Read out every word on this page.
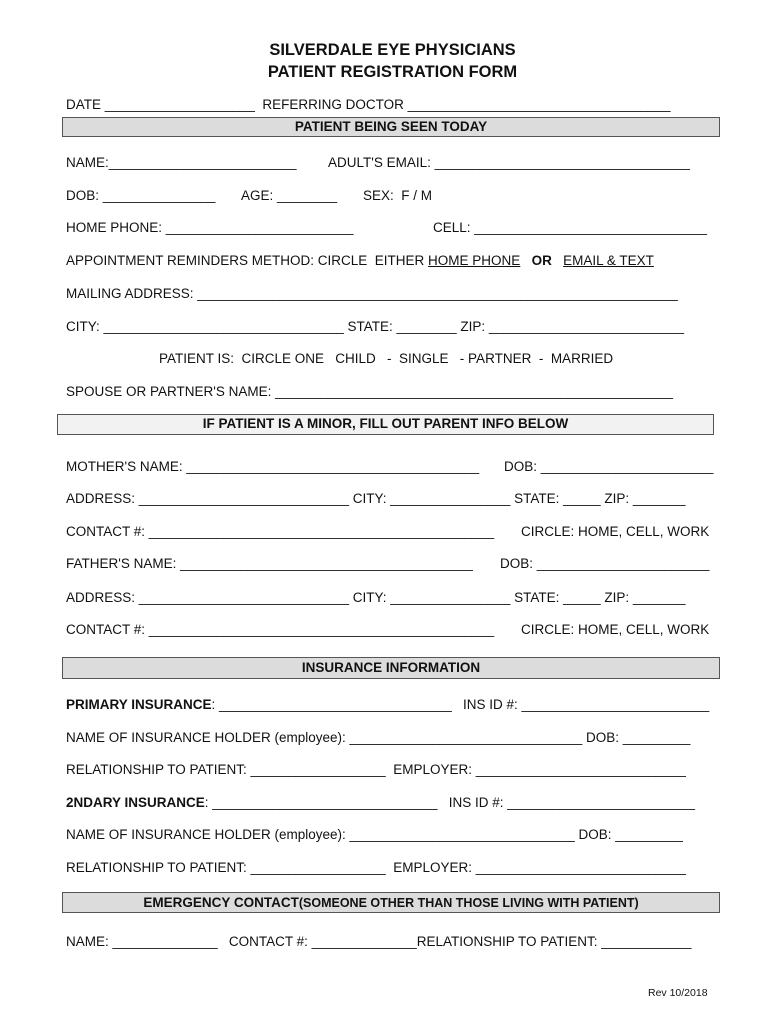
SILVERDALE EYE PHYSICIANS
PATIENT REGISTRATION FORM
DATE ____________________  REFERRING DOCTOR ___________________________________
PATIENT BEING SEEN TODAY
NAME:_________________________ ADULT'S EMAIL: __________________________________
DOB: _______________ AGE: ________ SEX:  F / M
HOME PHONE: _________________________	CELL: _______________________________
APPOINTMENT REMINDERS METHOD: CIRCLE  EITHER HOME PHONE OR EMAIL & TEXT
MAILING ADDRESS: ________________________________________________________________
CITY: ________________________________ STATE: ________ ZIP: __________________________
PATIENT IS:  CIRCLE ONE   CHILD   -  SINGLE   - PARTNER  -  MARRIED
SPOUSE OR PARTNER'S NAME: _____________________________________________________
IF PATIENT IS A MINOR, FILL OUT PARENT INFO BELOW
MOTHER'S NAME: _______________________________________ DOB: _______________________
ADDRESS: ____________________________ CITY: ________________ STATE: _____ ZIP: _______
CONTACT #: ______________________________________________ CIRCLE: HOME, CELL, WORK
FATHER'S NAME: _______________________________________ DOB: _______________________
ADDRESS: ____________________________ CITY: ________________ STATE: _____ ZIP: _______
CONTACT #: ______________________________________________ CIRCLE: HOME, CELL, WORK
INSURANCE INFORMATION
PRIMARY INSURANCE: _______________________________   INS ID #: _________________________
NAME OF INSURANCE HOLDER (employee): _______________________________ DOB: _________
RELATIONSHIP TO PATIENT: __________________  EMPLOYER: ____________________________
2NDARY INSURANCE: ______________________________   INS ID #: _________________________
NAME OF INSURANCE HOLDER (employee): ______________________________ DOB: _________
RELATIONSHIP TO PATIENT: __________________  EMPLOYER: ____________________________
EMERGENCY CONTACT(SOMEONE OTHER THAN THOSE LIVING WITH PATIENT)
NAME: ______________   CONTACT #: ______________RELATIONSHIP TO PATIENT: ____________
Rev 10/2018
